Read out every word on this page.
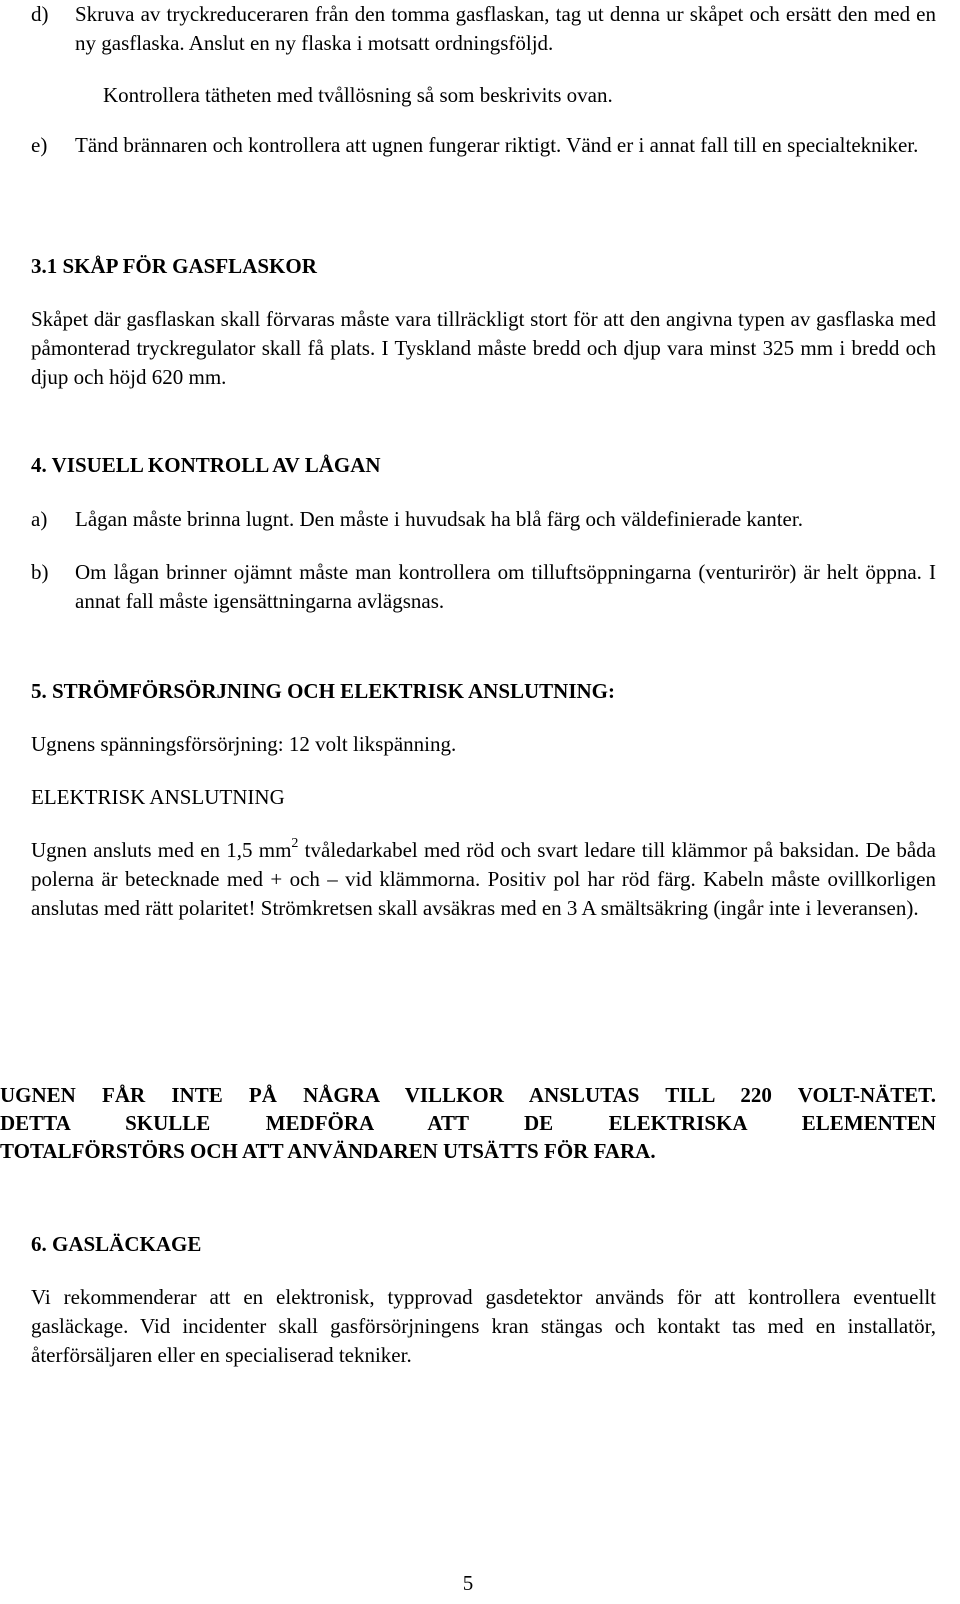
d)	Skruva av tryckreduceraren från den tomma gasflaskan, tag ut denna ur skåpet och ersätt den med en ny gasflaska. Anslut en ny flaska i motsatt ordningsföljd.

Kontrollera tätheten med tvållösning så som beskrivits ovan.

e)	Tänd brännaren och kontrollera att ugnen fungerar riktigt. Vänd er i annat fall till en specialtekniker.
3.1 SKÅP FÖR GASFLASKOR

Skåpet där gasflaskan skall förvaras måste vara tillräckligt stort för att den angivna typen av gasflaska med påmonterad tryckregulator skall få plats. I Tyskland måste bredd och djup vara minst 325 mm i bredd och djup och höjd 620 mm.

4. VISUELL KONTROLL AV LÅGAN
a)	Lågan måste brinna lugnt. Den måste i huvudsak ha blå färg och väldefinierade kanter.
b)	Om lågan brinner ojämnt måste man kontrollera om tilluftsöppningarna (venturirör) är helt öppna. I annat fall måste igensättningarna avlägsnas.
5. STRÖMFÖRSÖRJNING OCH ELEKTRISK ANSLUTNING:

Ugnens spänningsförsörjning: 12 volt likspänning.

ELEKTRISK ANSLUTNING

Ugnen ansluts med en 1,5 $mm^2$ tvåledarkabel med röd och svart ledare till klämmor på baksidan. De båda polerna är betecknade med + och – vid klämmorna. Positiv pol har röd färg. Kabeln måste ovillkorligen anslutas med rätt polaritet! Strömkretsen skall avsäkras med en 3 A smältsäkring (ingår inte i leveransen).

UGNEN FÅR INTE PÅ NÅGRA VILLKOR ANSLUTAS TILL 220 VOLT-NÄTET.
DETTA SKULLE MEDFÖRA ATT DE ELEKTRISKA ELEMENTEN
TOTALFÖRSTÖRS OCH ATT ANVÄNDAREN UTSÄTTS FÖR FARA.
6. GASLÄCKAGE

Vi rekommenderar att en elektronisk, typprovad gasdetektor används för att kontrollera eventuellt gasläckage. Vid incidenter skall gasförsörjningens kran stängas och kontakt tas med en installatör, återförsäljaren eller en specialiserad tekniker.

5
